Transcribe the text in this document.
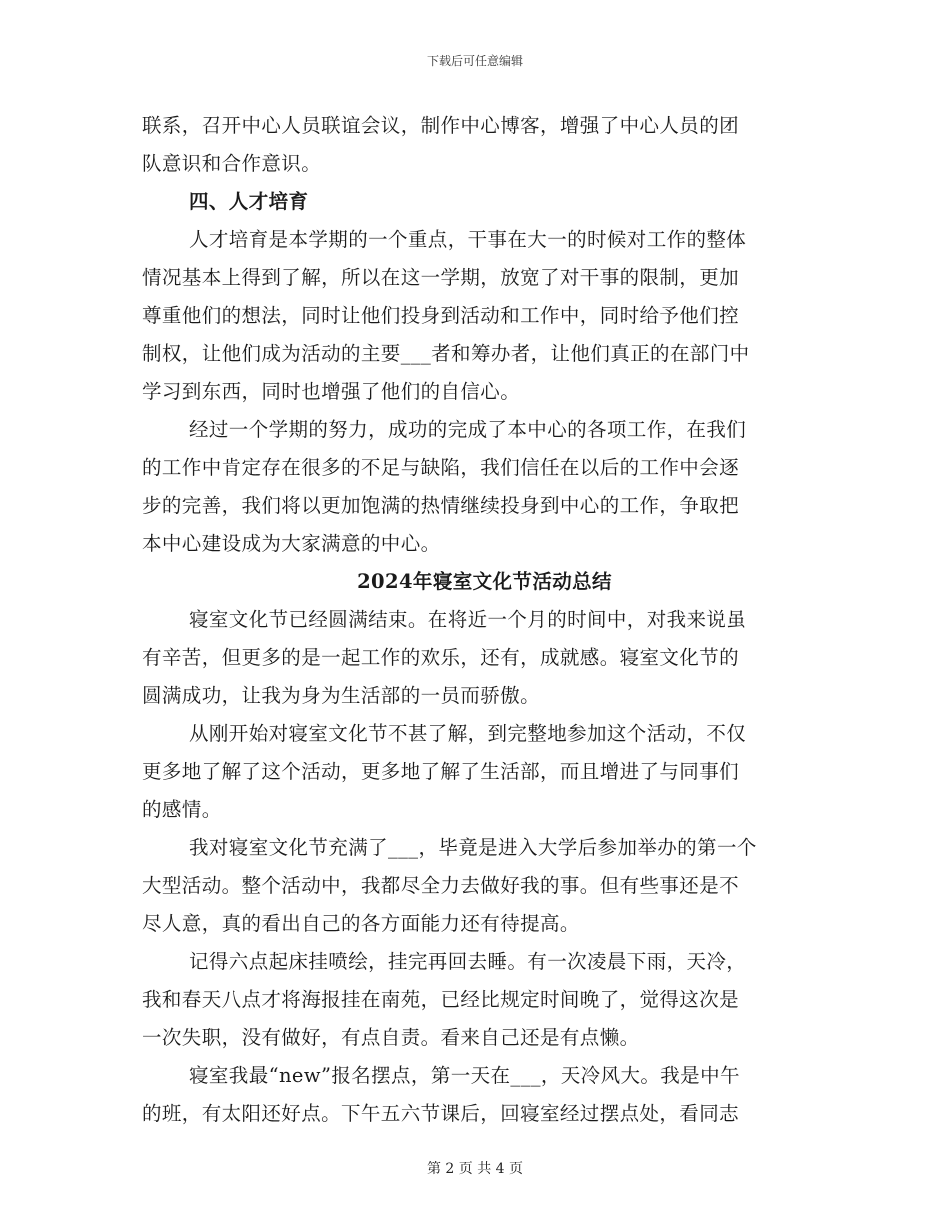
下载后可任意编辑
联系，召开中心人员联谊会议，制作中心博客，增强了中心人员的团
队意识和合作意识。
四、人才培育
人才培育是本学期的一个重点，干事在大一的时候对工作的整体
情况基本上得到了解，所以在这一学期，放宽了对干事的限制，更加
尊重他们的想法，同时让他们投身到活动和工作中，同时给予他们控
制权，让他们成为活动的主要___者和筹办者，让他们真正的在部门中
学习到东西，同时也增强了他们的自信心。
经过一个学期的努力，成功的完成了本中心的各项工作，在我们
的工作中肯定存在很多的不足与缺陷，我们信任在以后的工作中会逐
步的完善，我们将以更加饱满的热情继续投身到中心的工作，争取把
本中心建设成为大家满意的中心。
2024年寝室文化节活动总结
寝室文化节已经圆满结束。在将近一个月的时间中，对我来说虽
有辛苦，但更多的是一起工作的欢乐，还有，成就感。寝室文化节的
圆满成功，让我为身为生活部的一员而骄傲。
从刚开始对寝室文化节不甚了解，到完整地参加这个活动，不仅
更多地了解了这个活动，更多地了解了生活部，而且增进了与同事们
的感情。
我对寝室文化节充满了___，毕竟是进入大学后参加举办的第一个
大型活动。整个活动中，我都尽全力去做好我的事。但有些事还是不
尽人意，真的看出自己的各方面能力还有待提高。
记得六点起床挂喷绘，挂完再回去睡。有一次凌晨下雨，天冷，
我和春天八点才将海报挂在南苑，已经比规定时间晚了，觉得这次是
一次失职，没有做好，有点自责。看来自己还是有点懒。
寝室我最“new”报名摆点，第一天在___，天冷风大。我是中午
的班，有太阳还好点。下午五六节课后，回寝室经过摆点处，看同志
第 2 页 共 4 页
